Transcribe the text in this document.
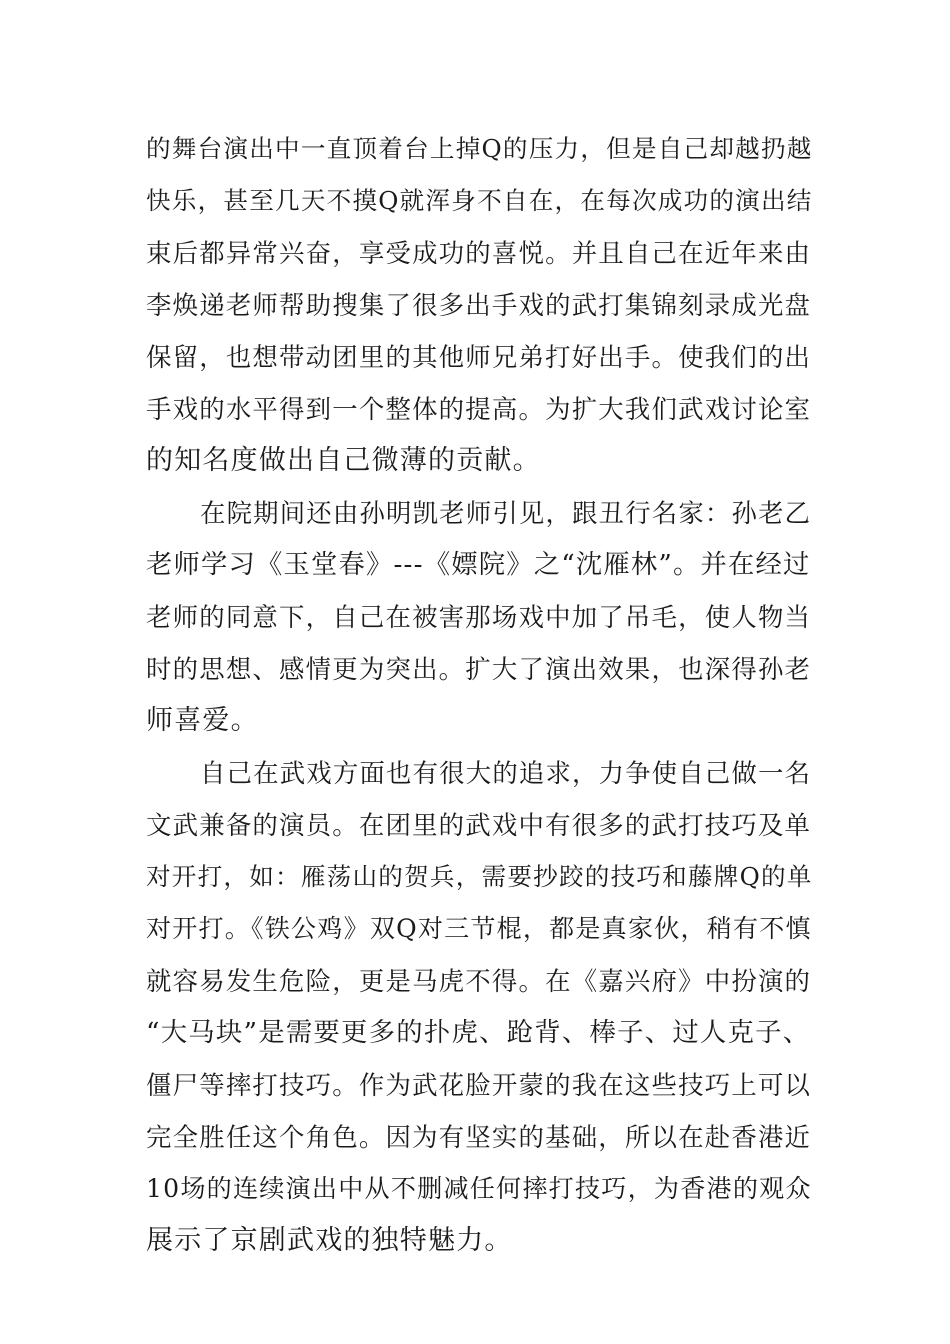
的舞台演出中一直顶着台上掉Q的压力，但是自己却越扔越
快乐，甚至几天不摸Q就浑身不自在，在每次成功的演出结
束后都异常兴奋，享受成功的喜悦。并且自己在近年来由
李焕递老师帮助搜集了很多出手戏的武打集锦刻录成光盘
保留，也想带动团里的其他师兄弟打好出手。使我们的出
手戏的水平得到一个整体的提高。为扩大我们武戏讨论室
的知名度做出自己微薄的贡献。
在院期间还由孙明凯老师引见，跟丑行名家：孙老乙
老师学习《玉堂春》---《嫖院》之“沈雁林”。并在经过
老师的同意下，自己在被害那场戏中加了吊毛，使人物当
时的思想、感情更为突出。扩大了演出效果，也深得孙老
师喜爱。
自己在武戏方面也有很大的追求，力争使自己做一名
文武兼备的演员。在团里的武戏中有很多的武打技巧及单
对开打，如：雁荡山的贺兵，需要抄跤的技巧和藤牌Q的单
对开打。《铁公鸡》双Q对三节棍，都是真家伙，稍有不慎
就容易发生危险，更是马虎不得。在《嘉兴府》中扮演的
“大马块”是需要更多的扑虎、跄背、棒子、过人克子、
僵尸等摔打技巧。作为武花脸开蒙的我在这些技巧上可以
完全胜任这个角色。因为有坚实的基础，所以在赴香港近
10场的连续演出中从不删减任何摔打技巧，为香港的观众
展示了京剧武戏的独特魅力。
